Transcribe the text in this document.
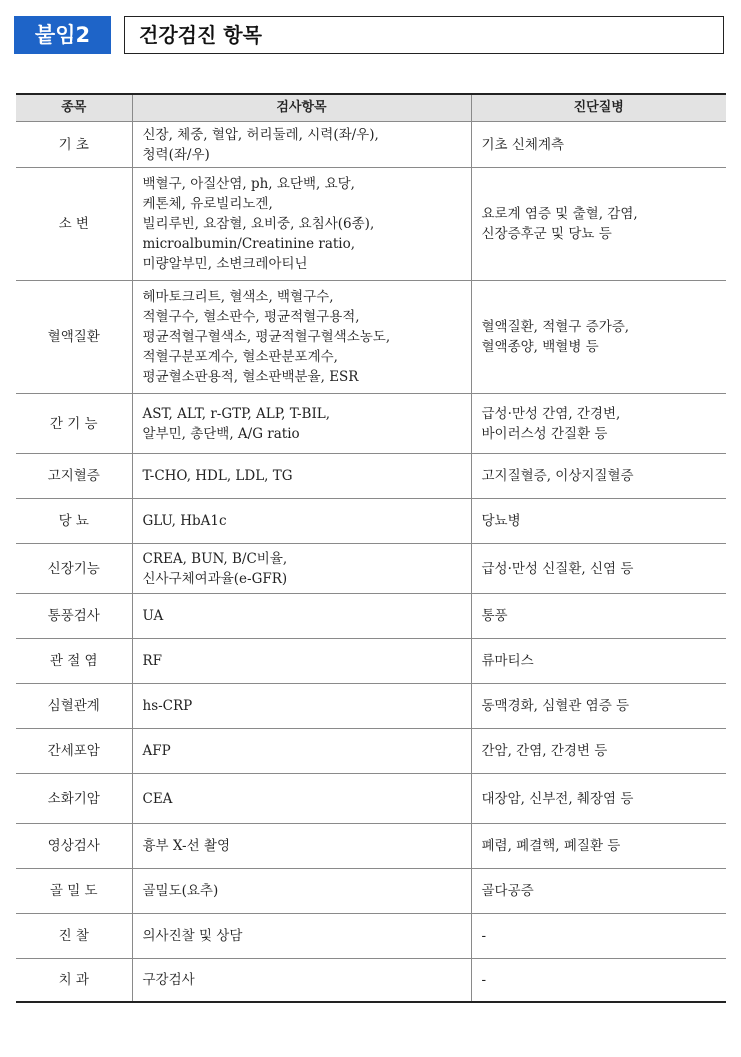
붙임2	건강검진 항목
종목	검사항목	진단질병
기 초	신장, 체중, 혈압, 허리둘레, 시력(좌/우),
청력(좌/우)	기초 신체계측
소 변	백혈구, 아질산염, ph, 요단백, 요당,
케톤체, 유로빌리노겐,
빌리루빈, 요잠혈, 요비중, 요침사(6종),
microalbumin/Creatinine ratio,
미량알부민, 소변크레아티닌	요로계 염증 및 출혈, 감염,
신장증후군 및 당뇨 등
혈액질환	헤마토크리트, 혈색소, 백혈구수,
적혈구수, 혈소판수, 평균적혈구용적,
평균적혈구혈색소, 평균적혈구혈색소농도,
적혈구분포계수, 혈소판분포계수,
평균혈소판용적, 혈소판백분율, ESR	혈액질환, 적혈구 증가증,
혈액종양, 백혈병 등
간 기 능	AST, ALT, r-GTP, ALP, T-BIL,
알부민, 총단백, A/G ratio	급성·만성 간염, 간경변,
바이러스성 간질환 등
고지혈증	T-CHO, HDL, LDL, TG	고지질혈증, 이상지질혈증
당 뇨	GLU, HbA1c	당뇨병
신장기능	CREA, BUN, B/C비율,
신사구체여과율(e-GFR)	급성·만성 신질환, 신염 등
통풍검사	UA	통풍
관 절 염	RF	류마티스
심혈관계	hs-CRP	동맥경화, 심혈관 염증 등
간세포암	AFP	간암, 간염, 간경변 등
소화기암	CEA	대장암, 신부전, 췌장염 등
영상검사	흉부 X-선 촬영	폐렴, 폐결핵, 폐질환 등
골 밀 도	골밀도(요추)	골다공증
진 찰	의사진찰 및 상담	-
치 과	구강검사	-
